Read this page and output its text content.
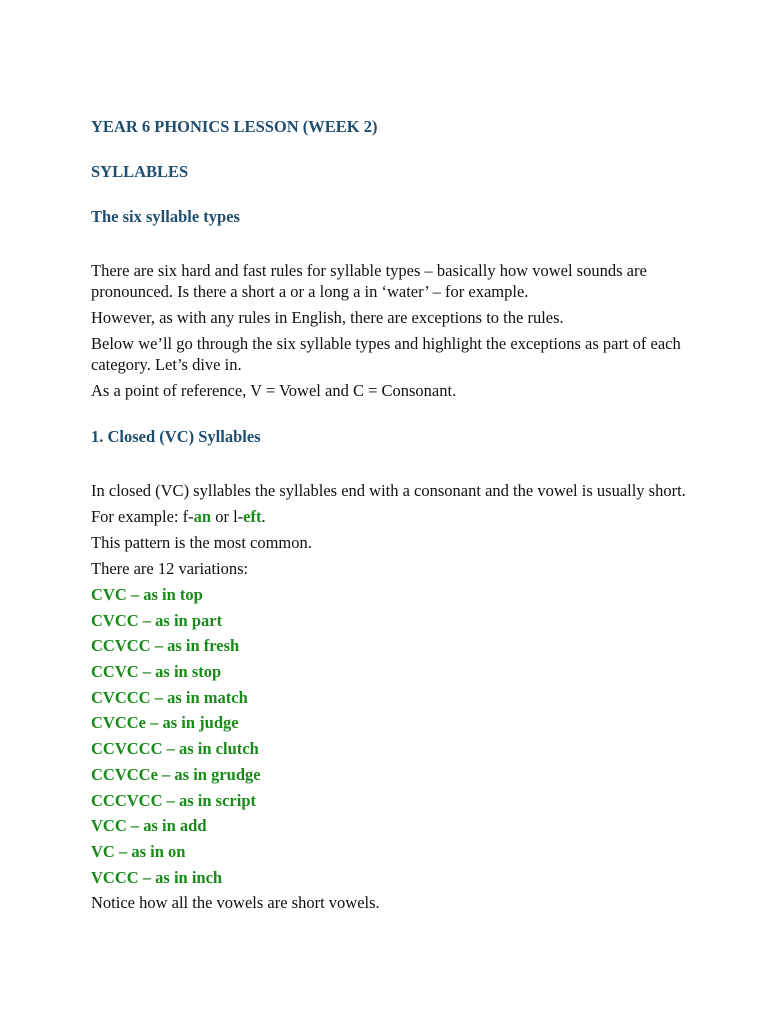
YEAR 6 PHONICS LESSON (WEEK 2)

SYLLABLES

The six syllable types

There are six hard and fast rules for syllable types – basically how vowel sounds are pronounced. Is there a short a or a long a in ‘water’ – for example.

However, as with any rules in English, there are exceptions to the rules.

Below we’ll go through the six syllable types and highlight the exceptions as part of each category. Let’s dive in.

As a point of reference, V = Vowel and C = Consonant.

1. Closed (VC) Syllables

In closed (VC) syllables the syllables end with a consonant and the vowel is usually short.

For example: f-an or l-eft.

This pattern is the most common.

There are 12 variations:

CVC – as in top
CVCC – as in part
CCVCC – as in fresh
CCVC – as in stop
CVCCC – as in match
CVCCe – as in judge
CCVCCC – as in clutch
CCVCCe – as in grudge
CCCVCC – as in script
VCC – as in add
VC – as in on
VCCC – as in inch

Notice how all the vowels are short vowels.
